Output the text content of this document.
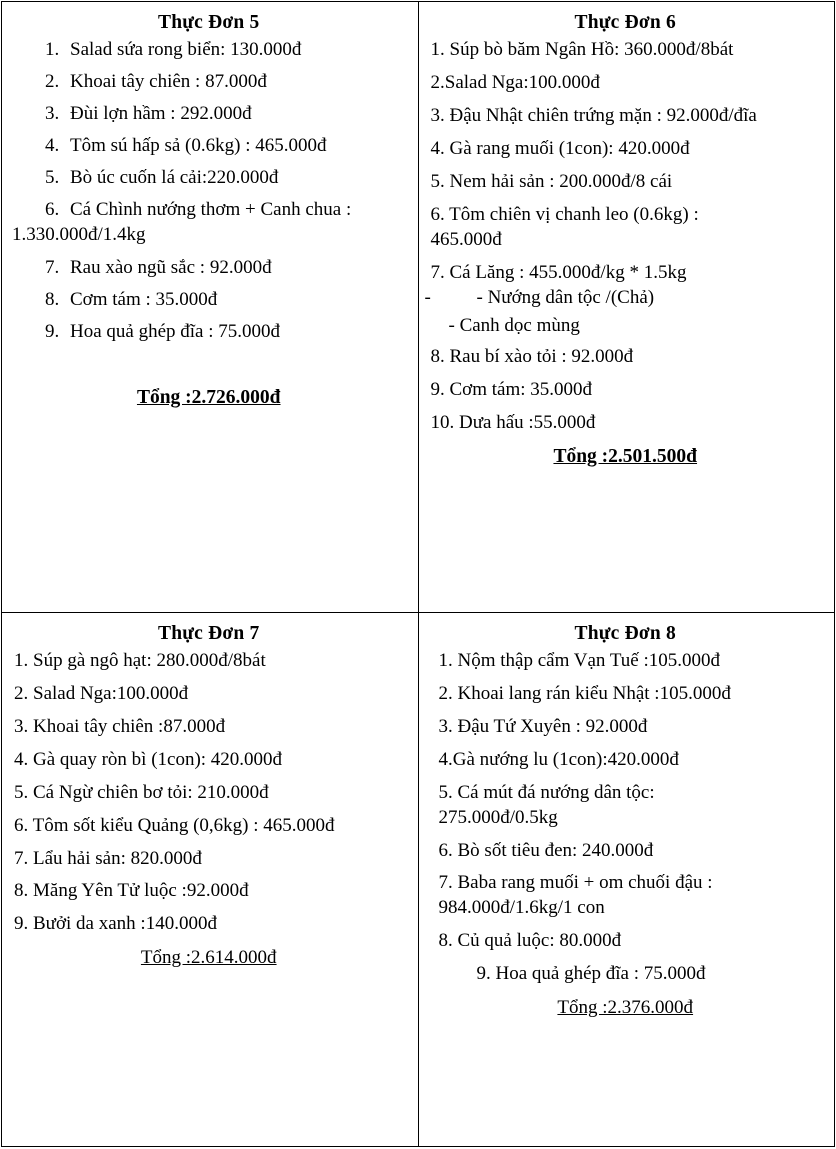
Thực Đơn 5
1. Salad sứa rong biển: 130.000đ
2. Khoai tây chiên : 87.000đ
3. Đùi lợn hầm : 292.000đ
4. Tôm sú hấp sả (0.6kg) : 465.000đ
5. Bò úc cuốn lá cải:220.000đ
6. Cá Chình nướng thơm + Canh chua :
1.330.000đ/1.4kg
7. Rau xào ngũ sắc : 92.000đ
8. Cơm tám : 35.000đ
9. Hoa quả ghép đĩa : 75.000đ
Tổng :2.726.000đ

Thực Đơn 6
1. Súp bò băm Ngân Hồ: 360.000đ/8bát
2.Salad Nga:100.000đ
3. Đậu Nhật chiên trứng mặn : 92.000đ/đĩa
4. Gà rang muối (1con): 420.000đ
5. Nem hải sản : 200.000đ/8 cái
6. Tôm chiên vị chanh leo (0.6kg) :
465.000đ
7. Cá Lăng : 455.000đ/kg * 1.5kg
- - Nướng dân tộc /(Chả)
- Canh dọc mùng
8. Rau bí xào tỏi : 92.000đ
9. Cơm tám: 35.000đ
10. Dưa hấu :55.000đ
Tổng :2.501.500đ

Thực Đơn 7
1. Súp gà ngô hạt: 280.000đ/8bát
2. Salad Nga:100.000đ
3. Khoai tây chiên :87.000đ
4. Gà quay ròn bì (1con): 420.000đ
5. Cá Ngừ chiên bơ tỏi: 210.000đ
6. Tôm sốt kiểu Quảng (0,6kg) : 465.000đ
7. Lẩu hải sản: 820.000đ
8. Măng Yên Tử luộc :92.000đ
9. Bưởi da xanh :140.000đ
Tổng :2.614.000đ

Thực Đơn 8
1. Nộm thập cẩm Vạn Tuế :105.000đ
2. Khoai lang rán kiểu Nhật :105.000đ
3. Đậu Tứ Xuyên : 92.000đ
4.Gà nướng lu (1con):420.000đ
5. Cá mút đá nướng dân tộc:
275.000đ/0.5kg
6. Bò sốt tiêu đen: 240.000đ
7. Baba rang muối + om chuối đậu :
984.000đ/1.6kg/1 con
8. Củ quả luộc: 80.000đ
9. Hoa quả ghép đĩa : 75.000đ
Tổng :2.376.000đ
